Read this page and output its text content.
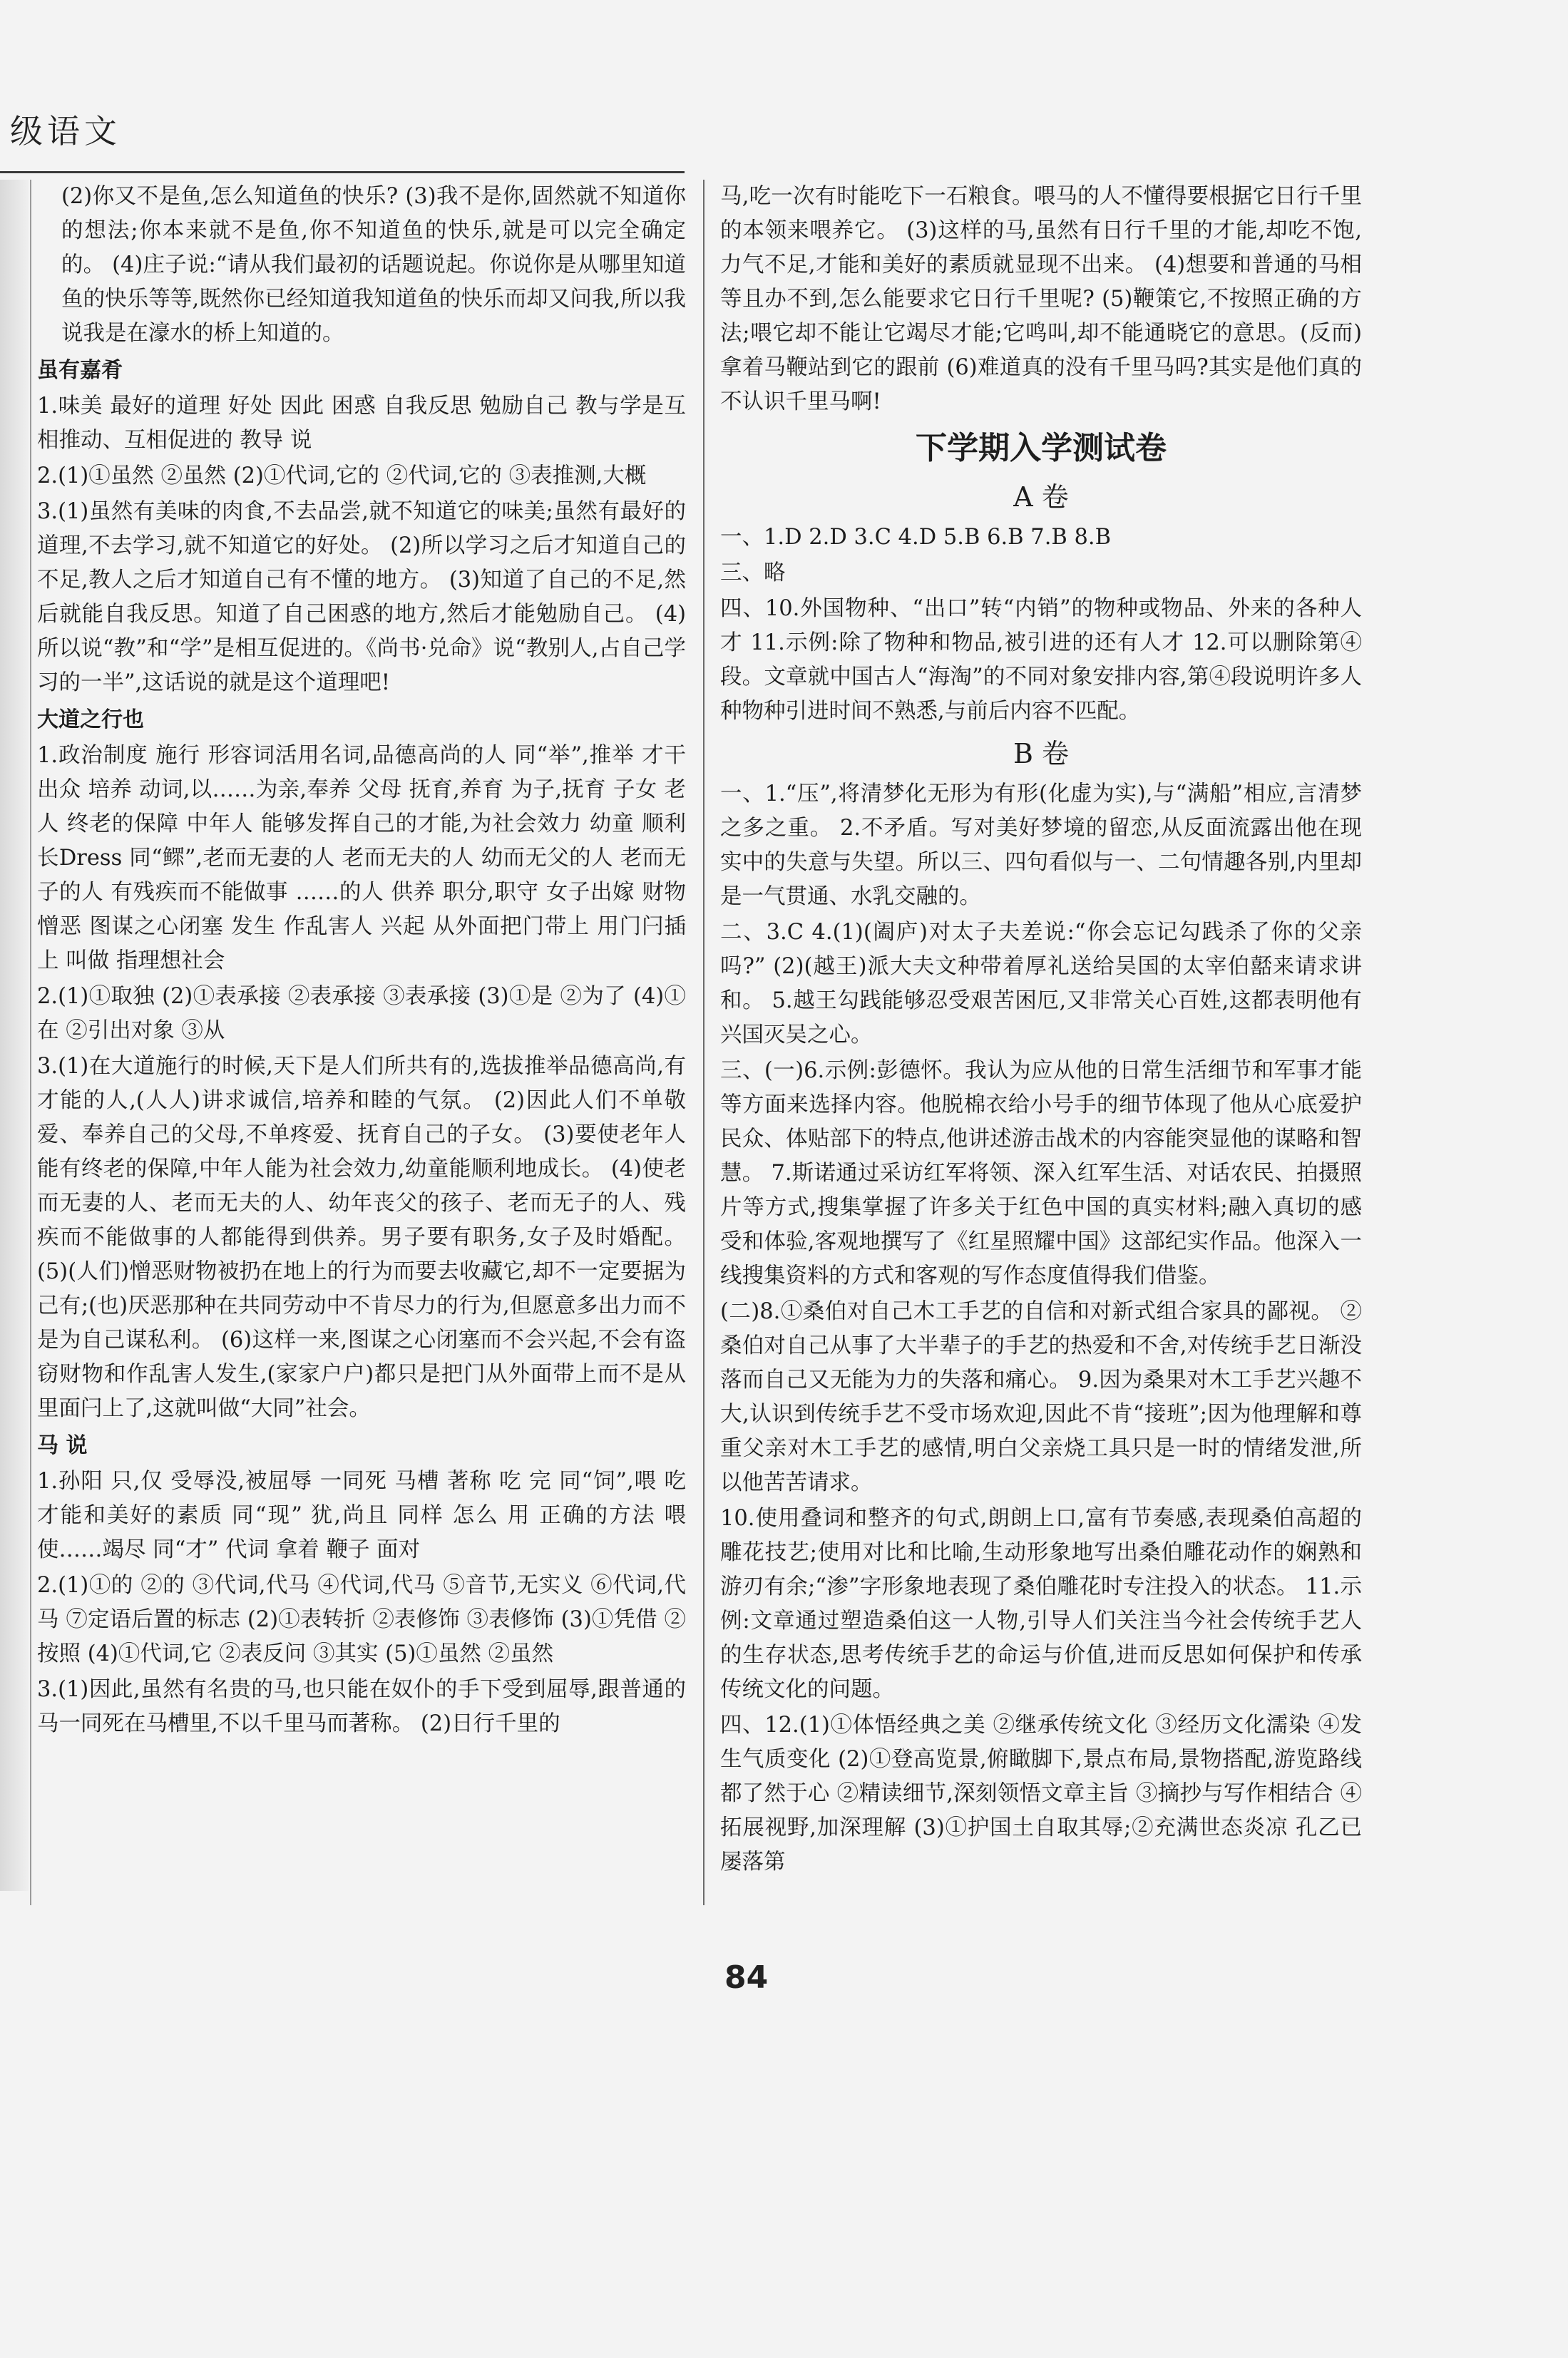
级语文

(2)你又不是鱼,怎么知道鱼的快乐? (3)我不是你,固然就不知道你的想法;你本来就不是鱼,你不知道鱼的快乐,就是可以完全确定的。 (4)庄子说:“请从我们最初的话题说起。你说你是从哪里知道鱼的快乐等等,既然你已经知道我知道鱼的快乐而却又问我,所以我说我是在濠水的桥上知道的。

虽有嘉肴

1.味美 最好的道理 好处 因此 困惑 自我反思 勉励自己 教与学是互相推动、互相促进的 教导 说

2.(1)①虽然 ②虽然 (2)①代词,它的 ②代词,它的 ③表推测,大概

3.(1)虽然有美味的肉食,不去品尝,就不知道它的味美;虽然有最好的道理,不去学习,就不知道它的好处。 (2)所以学习之后才知道自己的不足,教人之后才知道自己有不懂的地方。 (3)知道了自己的不足,然后就能自我反思。知道了自己困惑的地方,然后才能勉励自己。 (4)所以说“教”和“学”是相互促进的。《尚书·兑命》说“教别人,占自己学习的一半”,这话说的就是这个道理吧!

大道之行也

1.政治制度 施行 形容词活用名词,品德高尚的人 同“举”,推举 才干出众 培养 动词,以……为亲,奉养 父母 抚育,养育 为子,抚育 子女 老人 终老的保障 中年人 能够发挥自己的才能,为社会效力 幼童 顺利长Dress 同“鳏”,老而无妻的人 老而无夫的人 幼而无父的人 老而无子的人 有残疾而不能做事 ……的人 供养 职分,职守 女子出嫁 财物 憎恶 图谋之心闭塞 发生 作乱害人 兴起 从外面把门带上 用门闩插上 叫做 指理想社会

2.(1)①取独 (2)①表承接 ②表承接 ③表承接 (3)①是 ②为了 (4)①在 ②引出对象 ③从

3.(1)在大道施行的时候,天下是人们所共有的,选拔推举品德高尚,有才能的人,(人人)讲求诚信,培养和睦的气氛。 (2)因此人们不单敬爱、奉养自己的父母,不单疼爱、抚育自己的子女。 (3)要使老年人能有终老的保障,中年人能为社会效力,幼童能顺利地成长。 (4)使老而无妻的人、老而无夫的人、幼年丧父的孩子、老而无子的人、残疾而不能做事的人都能得到供养。男子要有职务,女子及时婚配。 (5)(人们)憎恶财物被扔在地上的行为而要去收藏它,却不一定要据为己有;(也)厌恶那种在共同劳动中不肯尽力的行为,但愿意多出力而不是为自己谋私利。 (6)这样一来,图谋之心闭塞而不会兴起,不会有盗窃财物和作乱害人发生,(家家户户)都只是把门从外面带上而不是从里面闩上了,这就叫做“大同”社会。

马 说

1.孙阳 只,仅 受辱没,被屈辱 一同死 马槽 著称 吃 完 同“饲”,喂 吃 才能和美好的素质 同“现” 犹,尚且 同样 怎么 用 正确的方法 喂 使……竭尽 同“才” 代词 拿着 鞭子 面对

2.(1)①的 ②的 ③代词,代马 ④代词,代马 ⑤音节,无实义 ⑥代词,代马 ⑦定语后置的标志 (2)①表转折 ②表修饰 ③表修饰 (3)①凭借 ②按照 (4)①代词,它 ②表反问 ③其实 (5)①虽然 ②虽然

3.(1)因此,虽然有名贵的马,也只能在奴仆的手下受到屈辱,跟普通的马一同死在马槽里,不以千里马而著称。 (2)日行千里的

马,吃一次有时能吃下一石粮食。喂马的人不懂得要根据它日行千里的本领来喂养它。 (3)这样的马,虽然有日行千里的才能,却吃不饱,力气不足,才能和美好的素质就显现不出来。 (4)想要和普通的马相等且办不到,怎么能要求它日行千里呢? (5)鞭策它,不按照正确的方法;喂它却不能让它竭尽才能;它鸣叫,却不能通晓它的意思。(反而)拿着马鞭站到它的跟前 (6)难道真的没有千里马吗?其实是他们真的不认识千里马啊!

下学期入学测试卷
A 卷

一、1.D 2.D 3.C 4.D 5.B 6.B 7.B 8.B

三、略

四、10.外国物种、“出口”转“内销”的物种或物品、外来的各种人才 11.示例:除了物种和物品,被引进的还有人才 12.可以删除第④段。文章就中国古人“海淘”的不同对象安排内容,第④段说明许多人种物种引进时间不熟悉,与前后内容不匹配。

B 卷

一、1.“压”,将清梦化无形为有形(化虚为实),与“满船”相应,言清梦之多之重。 2.不矛盾。写对美好梦境的留恋,从反面流露出他在现实中的失意与失望。所以三、四句看似与一、二句情趣各别,内里却是一气贯通、水乳交融的。

二、3.C 4.(1)(阖庐)对太子夫差说:“你会忘记勾践杀了你的父亲吗?” (2)(越王)派大夫文种带着厚礼送给吴国的太宰伯嚭来请求讲和。 5.越王勾践能够忍受艰苦困厄,又非常关心百姓,这都表明他有兴国灭吴之心。

三、(一)6.示例:彭德怀。我认为应从他的日常生活细节和军事才能等方面来选择内容。他脱棉衣给小号手的细节体现了他从心底爱护民众、体贴部下的特点,他讲述游击战术的内容能突显他的谋略和智慧。 7.斯诺通过采访红军将领、深入红军生活、对话农民、拍摄照片等方式,搜集掌握了许多关于红色中国的真实材料;融入真切的感受和体验,客观地撰写了《红星照耀中国》这部纪实作品。他深入一线搜集资料的方式和客观的写作态度值得我们借鉴。

(二)8.①桑伯对自己木工手艺的自信和对新式组合家具的鄙视。 ②桑伯对自己从事了大半辈子的手艺的热爱和不舍,对传统手艺日渐没落而自己又无能为力的失落和痛心。 9.因为桑果对木工手艺兴趣不大,认识到传统手艺不受市场欢迎,因此不肯“接班”;因为他理解和尊重父亲对木工手艺的感情,明白父亲烧工具只是一时的情绪发泄,所以他苦苦请求。

10.使用叠词和整齐的句式,朗朗上口,富有节奏感,表现桑伯高超的雕花技艺;使用对比和比喻,生动形象地写出桑伯雕花动作的娴熟和游刃有余;“渗”字形象地表现了桑伯雕花时专注投入的状态。 11.示例:文章通过塑造桑伯这一人物,引导人们关注当今社会传统手艺人的生存状态,思考传统手艺的命运与价值,进而反思如何保护和传承传统文化的问题。

四、12.(1)①体悟经典之美 ②继承传统文化 ③经历文化濡染 ④发生气质变化 (2)①登高览景,俯瞰脚下,景点布局,景物搭配,游览路线都了然于心 ②精读细节,深刻领悟文章主旨 ③摘抄与写作相结合 ④拓展视野,加深理解 (3)①护国土自取其辱;②充满世态炎凉 孔乙已屡落第

84
